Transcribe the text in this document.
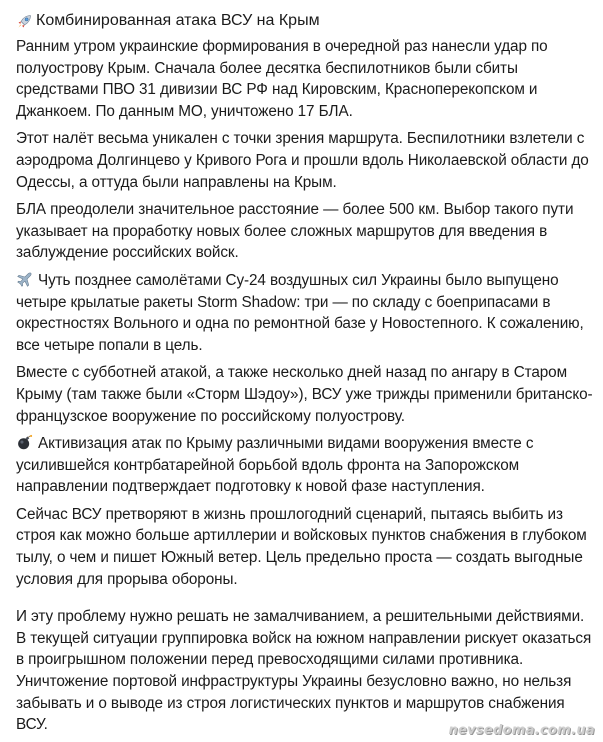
Комбинированная атака ВСУ на Крым

Ранним утром украинские формирования в очередной раз нанесли удар по полуострову Крым. Сначала более десятка беспилотников были сбиты средствами ПВО 31 дивизии ВС РФ над Кировским, Красноперекопском и Джанкоем. По данным МО, уничтожено 17 БЛА.

Этот налёт весьма уникален с точки зрения маршрута. Беспилотники взлетели с аэродрома Долгинцево у Кривого Рога и прошли вдоль Николаевской области до Одессы, а оттуда были направлены на Крым.

БЛА преодолели значительное расстояние — более 500 км. Выбор такого пути указывает на проработку новых более сложных маршрутов для введения в заблуждение российских войск.

Чуть позднее самолётами Су-24 воздушных сил Украины было выпущено четыре крылатые ракеты Storm Shadow: три — по складу с боеприпасами в окрестностях Вольного и одна по ремонтной базе у Новостепного. К сожалению, все четыре попали в цель.

Вместе с субботней атакой, а также несколько дней назад по ангару в Старом Крыму (там также были «Сторм Шэдоу»), ВСУ уже трижды применили британско-французское вооружение по российскому полуострову.

Активизация атак по Крыму различными видами вооружения вместе с усилившейся контрбатарейной борьбой вдоль фронта на Запорожском направлении подтверждает подготовку к новой фазе наступления.

Сейчас ВСУ претворяют в жизнь прошлогодний сценарий, пытаясь выбить из строя как можно больше артиллерии и войсковых пунктов снабжения в глубоком тылу, о чем и пишет Южный ветер. Цель предельно проста — создать выгодные условия для прорыва обороны.

И эту проблему нужно решать не замалчиванием, а решительными действиями. В текущей ситуации группировка войск на южном направлении рискует оказаться в проигрышном положении перед превосходящими силами противника. Уничтожение портовой инфраструктуры Украины безусловно важно, но нельзя забывать и о выводе из строя логистических пунктов и маршрутов снабжения ВСУ.	nevsedoma.com.ua
